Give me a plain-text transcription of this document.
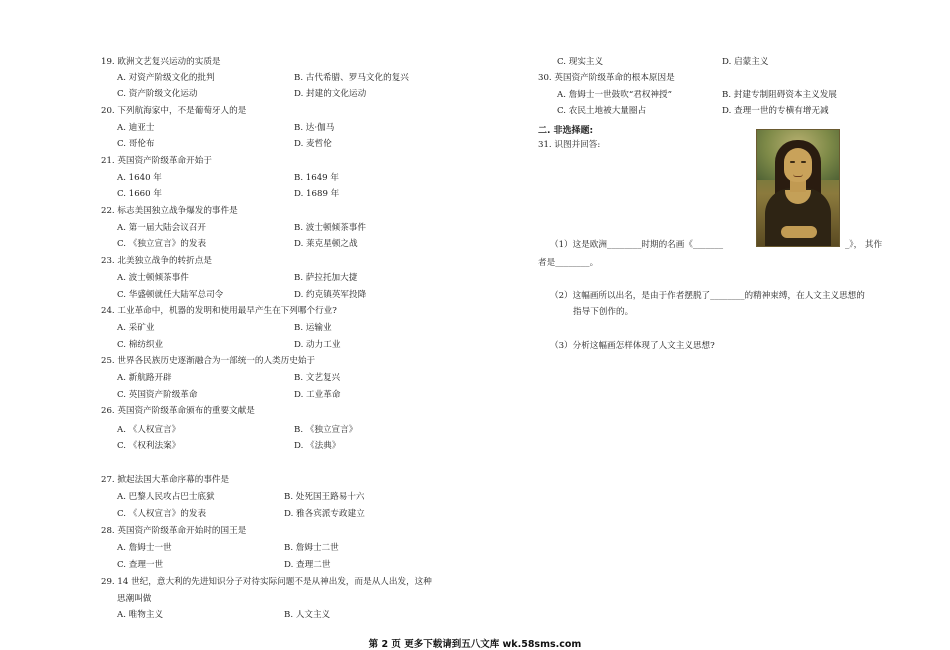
19. 欧洲文艺复兴运动的实质是
A. 对资产阶级文化的批判	B. 古代希腊、罗马文化的复兴
C. 资产阶级文化运动	D. 封建的文化运动
20. 下列航海家中，不是葡萄牙人的是
A. 迪亚士	B. 达·伽马
C. 哥伦布	D. 麦哲伦
21. 英国资产阶级革命开始于
A. 1640 年	B. 1649 年
C. 1660 年	D. 1689 年
22. 标志美国独立战争爆发的事件是
A. 第一届大陆会议召开	B. 波士顿倾茶事件
C. 《独立宣言》的发表	D. 莱克星顿之战
23. 北美独立战争的转折点是
A. 波士顿倾茶事件	B. 萨拉托加大捷
C. 华盛顿就任大陆军总司令	D. 约克镇英军投降
24. 工业革命中，机器的发明和使用最早产生在下列哪个行业?
A. 采矿业	B. 运输业
C. 棉纺织业	D. 动力工业
25. 世界各民族历史逐渐融合为一部统一的人类历史始于
A. 新航路开辟	B. 文艺复兴
C. 英国资产阶级革命	D. 工业革命
26. 英国资产阶级革命颁布的重要文献是
A. 《人权宣言》	B. 《独立宣言》
C. 《权利法案》	D. 《法典》
27. 掀起法国大革命序幕的事件是
A. 巴黎人民攻占巴士底狱	B. 处死国王路易十六
C. 《人权宣言》的发表	D. 雅各宾派专政建立
28. 英国资产阶级革命开始时的国王是
A. 詹姆士一世	B. 詹姆士二世
C. 查理一世	D. 查理二世
29. 14 世纪，意大利的先进知识分子对待实际问题不是从神出发，而是从人出发，这种
思潮叫做
A. 唯物主义	B. 人文主义
C. 现实主义	D. 启蒙主义
30. 英国资产阶级革命的根本原因是
A. 詹姆士一世鼓吹“君权神授”	B. 封建专制阻碍资本主义发展
C. 农民土地被大量圈占	D. 查理一世的专横有增无减
二. 非选择题:
31. 识图并回答:
（1）这是欧洲________时期的名画《_______	_》， 其作
者是________。
（2）这幅画所以出名，是由于作者摆脱了________的精神束缚，在人文主义思想的
指导下创作的。
（3）分析这幅画怎样体现了人文主义思想?
第 2 页 更多下载请到五八文库 wk.58sms.com
